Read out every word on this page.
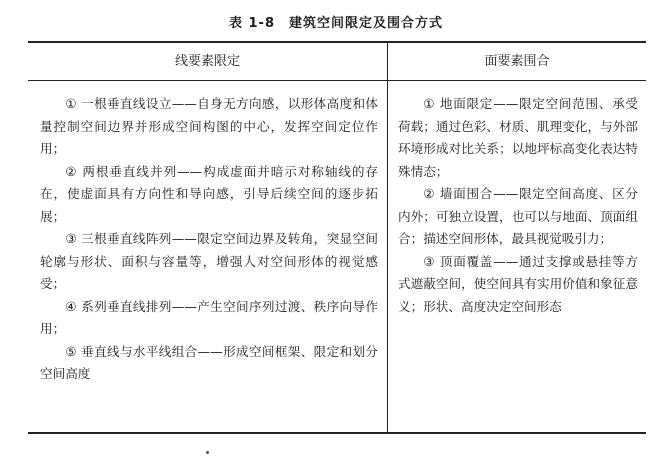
表 1-8 建筑空间限定及围合方式
线要素限定	面要素围合

① 一根垂直线设立——自身无方向感，以形体高度和体量控制空间边界并形成空间构图的中心，发挥空间定位作用；

② 两根垂直线并列——构成虚面并暗示对称轴线的存在，使虚面具有方向性和导向感，引导后续空间的逐步拓展；

③ 三根垂直线阵列——限定空间边界及转角，突显空间轮廓与形状、面积与容量等，增强人对空间形体的视觉感受；

④ 系列垂直线排列——产生空间序列过渡、秩序向导作用；

⑤ 垂直线与水平线组合——形成空间框架、限定和划分空间高度

① 地面限定——限定空间范围、承受荷载；通过色彩、材质、肌理变化，与外部环境形成对比关系；以地坪标高变化表达特殊情态；

② 墙面围合——限定空间高度、区分内外；可独立设置，也可以与地面、顶面组合；描述空间形体，最具视觉吸引力；

③ 顶面覆盖——通过支撑或悬挂等方式遮蔽空间，使空间具有实用价值和象征意义；形状、高度决定空间形态
